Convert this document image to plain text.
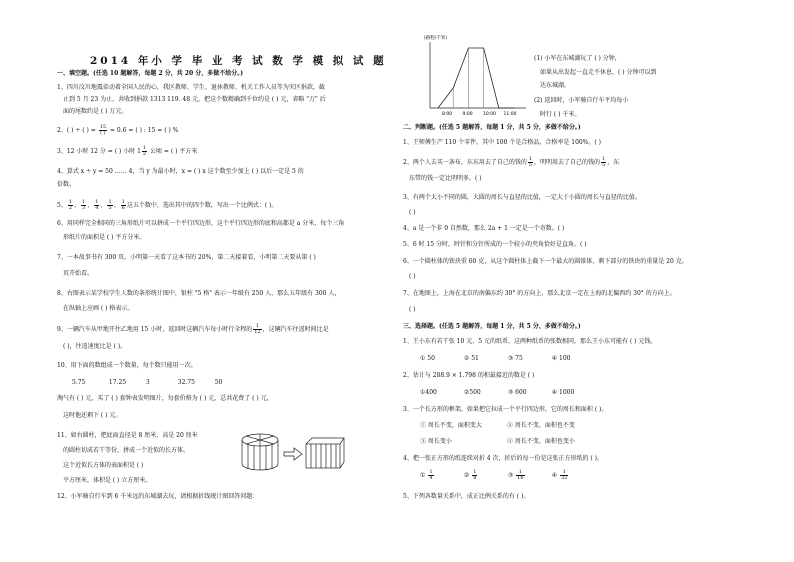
2014 年小 学 毕 业 考 试 数 学 模 拟 试 题
一、填空题。(任选 10 题解答，每题 2 分，共 20 分，多做不给分。)
1、四川汶川地震牵动着全国人民的心，我区教师、学生、退休教师、机关工作人员等为灾区捐款，截
止到 5 月 23 为止，共收到捐款 1313 119. 48 元，把这个数精确到千位约是 ( ) 元，省略 "万" 后
面的尾数约是 ( ) 万元。
2、( ) ÷ ( ) = $\frac{15}{( )} = 0.6$ = ( ) : 15 = ( ) %
3、12 小时 12 分 = ( ) 小时 $1 \frac{1}{2}$ 公顷 = ( ) 平方米
4、算式 x ÷ y = 50 …… 4，当 y 为最小时，x = ( ) x 这个数至少加上 ( ) 以后一定是 5 的
倍数。
5、 $\frac{1}{2}$ 、 $\frac{1}{3}$ 、 $\frac{1}{4}$ 、 $\frac{1}{5}$ 、 $\frac{1}{6}$ 这五个数中，选出其中的四个数，写出一个比例式：( )。
6、用同样完全相同的三角形纸片可以拼成一个平行四边形，这个平行四边形的底和高都是 a 分米，每个三角
形纸片的面积是 ( ) 平方分米。
7、一本故事书有 300 页，小明第一天看了这本书的 20%，第二天接着看，小明第二天要从第 ( )
页开始看。
8、右图表示某学校学生人数的条形统计图中，银柱 "5 格" 表示一年级有 250 人，那么五年级有 300 人，
在纵轴上应画 ( ) 格表示。
9、一辆汽车从甲地开往乙地用 15 小时，返回时这辆汽车每小时行全程的 $\frac{1}{12}$ ，这辆汽车往返时间比是
( )，往返速度比是 ( )。
10、用下面的数组成一个数量，每个数只能用一次。
5.75	17.25	3	32.75	50
淘气有 ( ) 元，买了 ( ) 套钟表发明图片，每套价格为 ( ) 元，总共花费了 ( ) 元，
这时他还剩下 ( ) 元。
11、如右圆柱，把底面直径是 8 厘米，高是 20 厘米
的圆柱切成若干等份，拼成一个近似的长方体。
这个近似长方体的表面积是 ( )
平方厘米，体积是 ( ) 立方厘米。
12、小军骑自行车到 6 千米远的东城湖去玩，请根据折线统计图回答问题：
(路程/千米)
8:00 9:00 10:00 11:00
(1) 小军在东城湖玩了 ( ) 分钟，
如果从出发起一直走不休息，( ) 分钟可以到
达东城湖。
(2) 返回时，小军骑自行车平均每小
时行 ( ) 千米。
二、判断题。(任选 5 题解答，每题 1 分，共 5 分，多做不给分。)
1、王师傅生产 110 个零件，其中 100 个是合格品，合格率是 100%。( )
2、两个人去买一条布，东东用去了自己的钱的 $\frac{1}{5}$ ，明明用去了自己的钱的 $\frac{1}{5}$ ，东
东带的钱一定比明明多。( )
3、有两个大小不同的圆，大圆的周长与直径的比值，一定大于小圆的周长与直径的比值。
( )
4、a 是一个非 0 自然数，那么 2a + 1 一定是一个奇数。( )
5、6 时 15 分时，时针和分针所成的一个较小的夹角恰好是直角。( )
6、一个圆柱体的铁块重 60 克，从这个圆柱体上截下一个最大的圆锥体，剩下部分的铁块的重量是 20 克。
( )
7、在地图上，上海在北京的南偏东约 30° 的方向上，那么北京一定在上海的北偏西约 30° 的方向上。
( )
三、选择题。(任选 5 题解答，每题 1 分，共 5 分，多做不给分。)
1、王小东有若干张 10 元、5 元的纸币，这两种纸币的张数相同，那么王小东可能有 ( ) 元钱。
① 50	② 51	③ 75	④ 100
2、估计与 288.9 × 1.798 的积最接近的数是 ( )
①400	②500	③ 600	④ 1000
3、一个长方形的框架，如果把它拉成一个平行四边形，它的周长和面积 ( )。
① 周长不变，面积变大	② 周长不变，面积也不变
③ 周长变小	④ 周长不变，面积也变小
4、把一张正方形的纸连续对折 4 次，折后的每一份是这张正方形纸的 ( )。
① $\frac{1}{4}$	② $\frac{1}{8}$	③ $\frac{1}{16}$	④ $\frac{1}{32}$
5、下列各数量关系中，成正比例关系的有 ( )。
